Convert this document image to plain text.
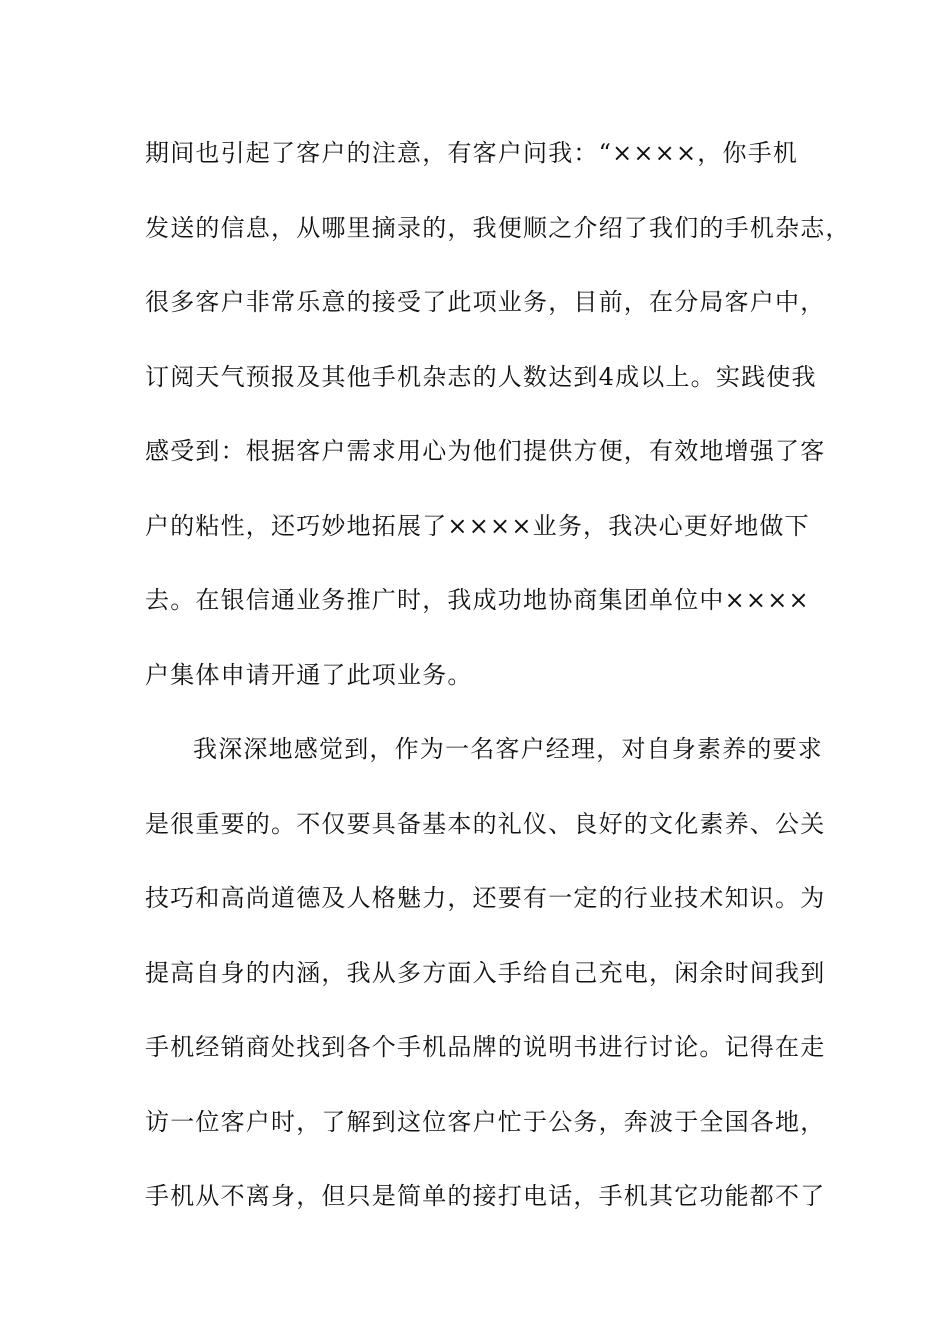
期间也引起了客户的注意，有客户问我：“××××，你手机
发送的信息，从哪里摘录的，我便顺之介绍了我们的手机杂志，
很多客户非常乐意的接受了此项业务，目前，在分局客户中，
订阅天气预报及其他手机杂志的人数达到4成以上。实践使我
感受到：根据客户需求用心为他们提供方便，有效地增强了客
户的粘性，还巧妙地拓展了××××业务，我决心更好地做下
去。在银信通业务推广时，我成功地协商集团单位中××××
户集体申请开通了此项业务。
我深深地感觉到，作为一名客户经理，对自身素养的要求
是很重要的。不仅要具备基本的礼仪、良好的文化素养、公关
技巧和高尚道德及人格魅力，还要有一定的行业技术知识。为
提高自身的内涵，我从多方面入手给自己充电，闲余时间我到
手机经销商处找到各个手机品牌的说明书进行讨论。记得在走
访一位客户时，了解到这位客户忙于公务，奔波于全国各地，
手机从不离身，但只是简单的接打电话，手机其它功能都不了
